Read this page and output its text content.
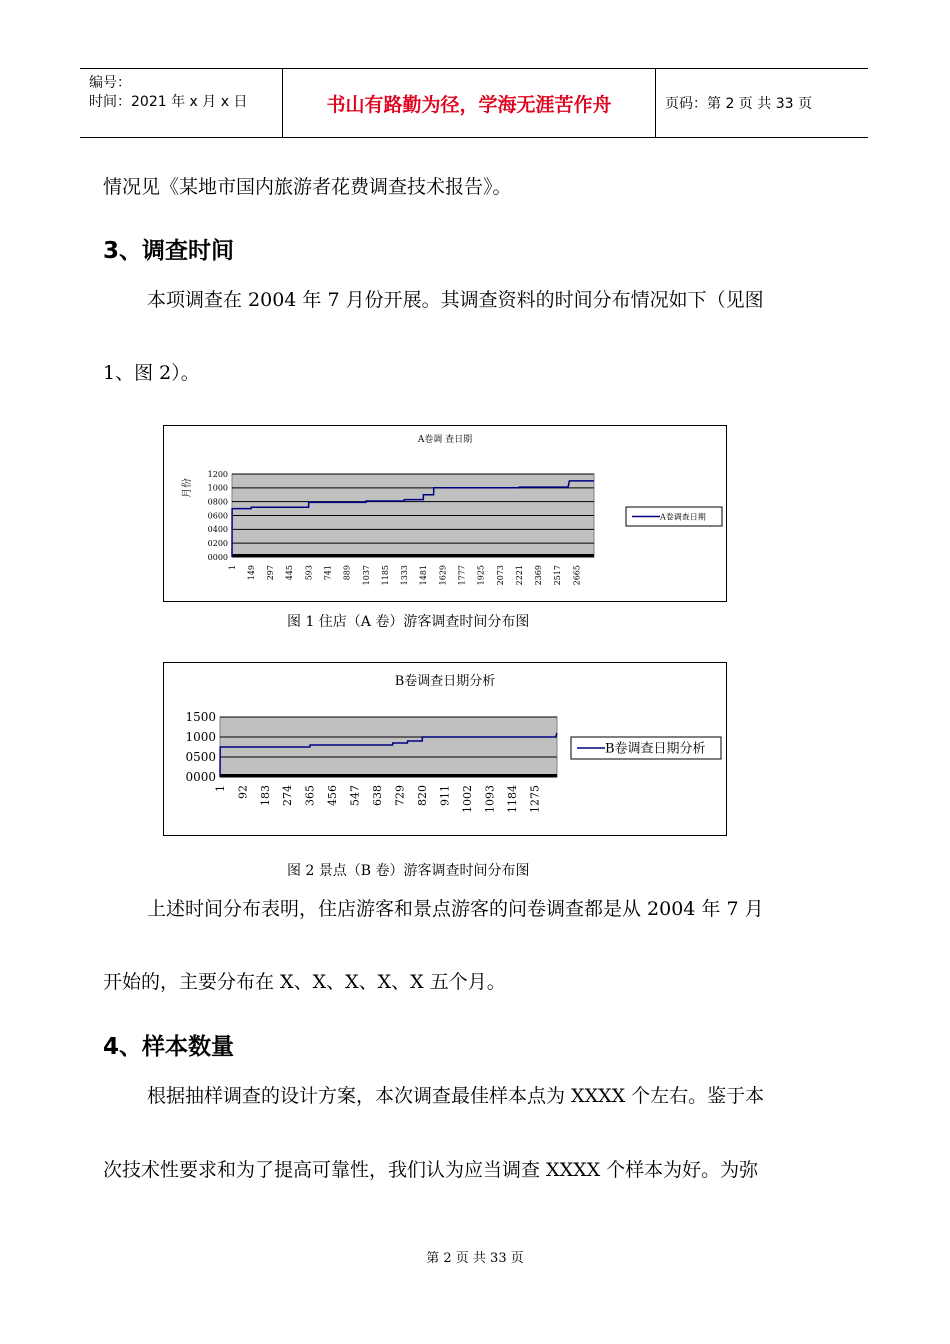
编号：
时间：2021 年 x 月 x 日	书山有路勤为径，学海无涯苦作舟	页码：第 2 页 共 33 页
情况见《某地市国内旅游者花费调查技术报告》。
3、调查时间
本项调查在 2004 年 7 月份开展。其调查资料的时间分布情况如下（见图
1、图 2）。
A卷调 查日期
0000
0200
0400
0600
0800
1000
1200
1 149 297 445 593 741 889 1037 1185 1333 1481 1629 1777 1925 2073 2221 2369 2517 2665
月份
A卷调查日期
图 1 住店（A 卷）游客调查时间分布图
B卷调查日期分析
0000
0500
1000
1500
1 92 183 274 365 456 547 638 729 820 911 1002 1093 1184 1275
B卷调查日期分析
图 2 景点（B 卷）游客调查时间分布图
上述时间分布表明，住店游客和景点游客的问卷调查都是从 2004 年 7 月
开始的，主要分布在 X、X、X、X、X 五个月。
4、样本数量
根据抽样调查的设计方案，本次调查最佳样本点为 XXXX 个左右。鉴于本
次技术性要求和为了提高可靠性，我们认为应当调查 XXXX 个样本为好。为弥
第 2 页 共 33 页
